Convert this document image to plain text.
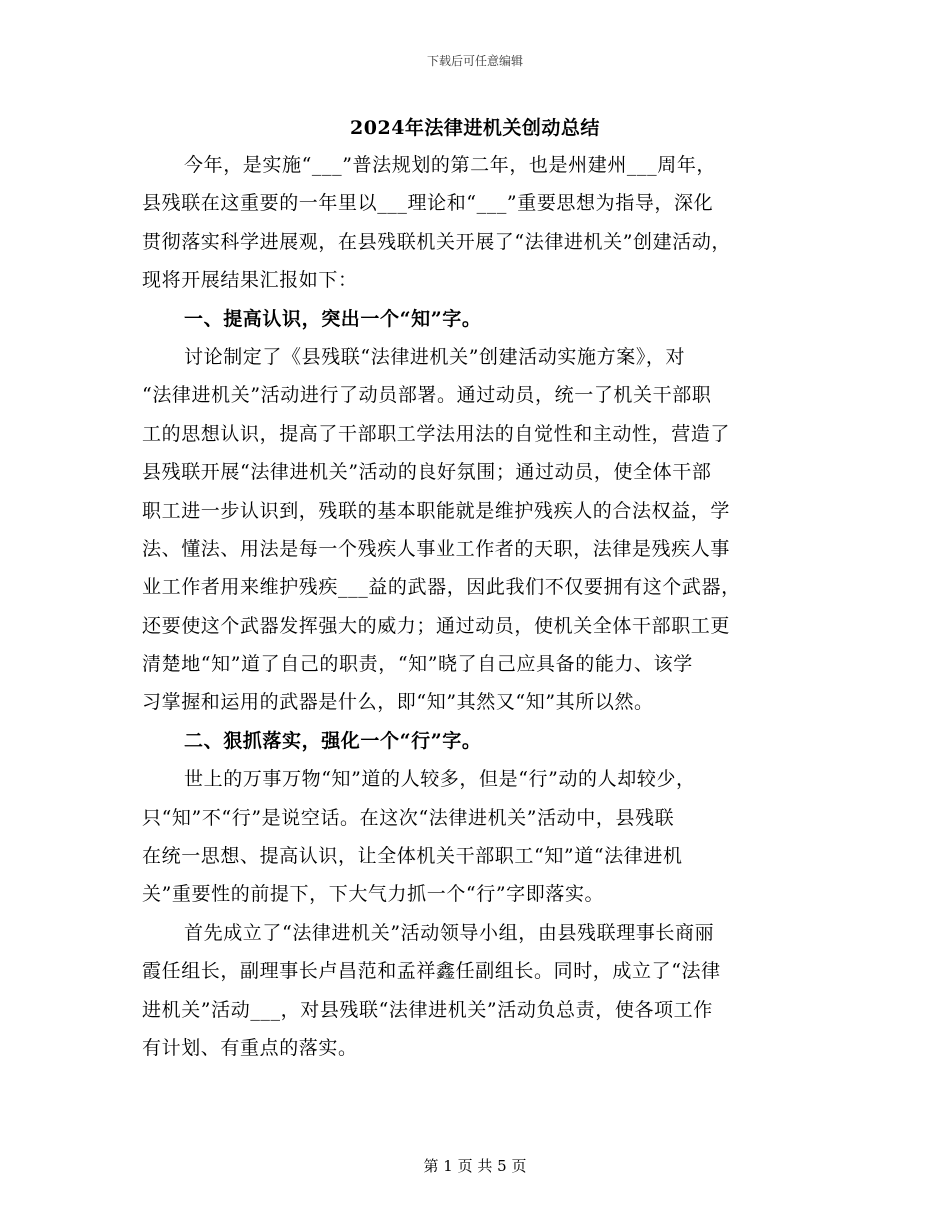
下载后可任意编辑
2024年法律进机关创动总结
今年，是实施“___”普法规划的第二年，也是州建州___周年，
县残联在这重要的一年里以___理论和“___”重要思想为指导，深化
贯彻落实科学进展观，在县残联机关开展了“法律进机关”创建活动，
现将开展结果汇报如下：
一、提高认识，突出一个“知”字。
讨论制定了《县残联“法律进机关”创建活动实施方案》，对
“法律进机关”活动进行了动员部署。通过动员，统一了机关干部职
工的思想认识，提高了干部职工学法用法的自觉性和主动性，营造了
县残联开展“法律进机关”活动的良好氛围；通过动员，使全体干部
职工进一步认识到，残联的基本职能就是维护残疾人的合法权益，学
法、懂法、用法是每一个残疾人事业工作者的天职，法律是残疾人事
业工作者用来维护残疾___益的武器，因此我们不仅要拥有这个武器，
还要使这个武器发挥强大的威力；通过动员，使机关全体干部职工更
清楚地“知”道了自己的职责，“知”晓了自己应具备的能力、该学
习掌握和运用的武器是什么，即“知”其然又“知”其所以然。
二、狠抓落实，强化一个“行”字。
世上的万事万物“知”道的人较多，但是“行”动的人却较少，
只“知”不“行”是说空话。在这次“法律进机关”活动中，县残联
在统一思想、提高认识，让全体机关干部职工“知”道“法律进机
关”重要性的前提下，下大气力抓一个“行”字即落实。
首先成立了“法律进机关”活动领导小组，由县残联理事长商丽
霞任组长，副理事长卢昌范和孟祥鑫任副组长。同时，成立了“法律
进机关”活动___，对县残联“法律进机关”活动负总责，使各项工作
有计划、有重点的落实。
第 1 页 共 5 页
